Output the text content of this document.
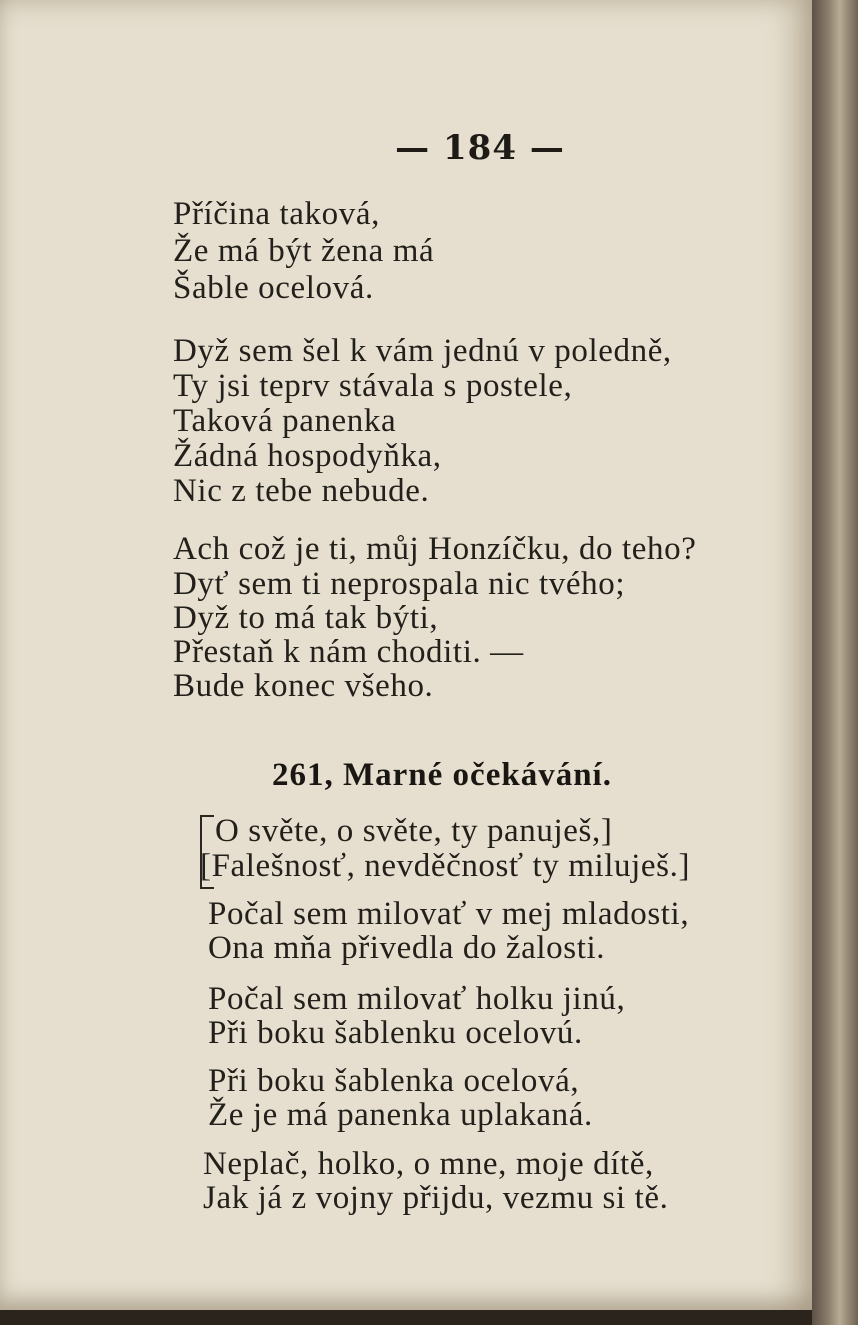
— 184 —
Příčina taková,
Že má být žena má
Šable ocelová.
Dyž sem šel k vám jednú v poledně,
Ty jsi teprv stávala s postele,
Taková panenka
Žádná hospodyňka,
Nic z tebe nebude.
Ach což je ti, můj Honzíčku, do teho?
Dyť sem ti neprospala nic tvého;
Dyž to má tak býti,
Přestaň k nám choditi. —
Bude konec všeho.
261, Marné očekávání.
O světe, o světe, ty panuješ,]
[Falešnosť, nevděčnosť ty miluješ.]
Počal sem milovať v mej mladosti,
Ona mňa přivedla do žalosti.
Počal sem milovať holku jinú,
Při boku šablenku ocelovú.
Při boku šablenka ocelová,
Že je má panenka uplakaná.
Neplač, holko, o mne, moje dítě,
Jak já z vojny přijdu, vezmu si tě.
